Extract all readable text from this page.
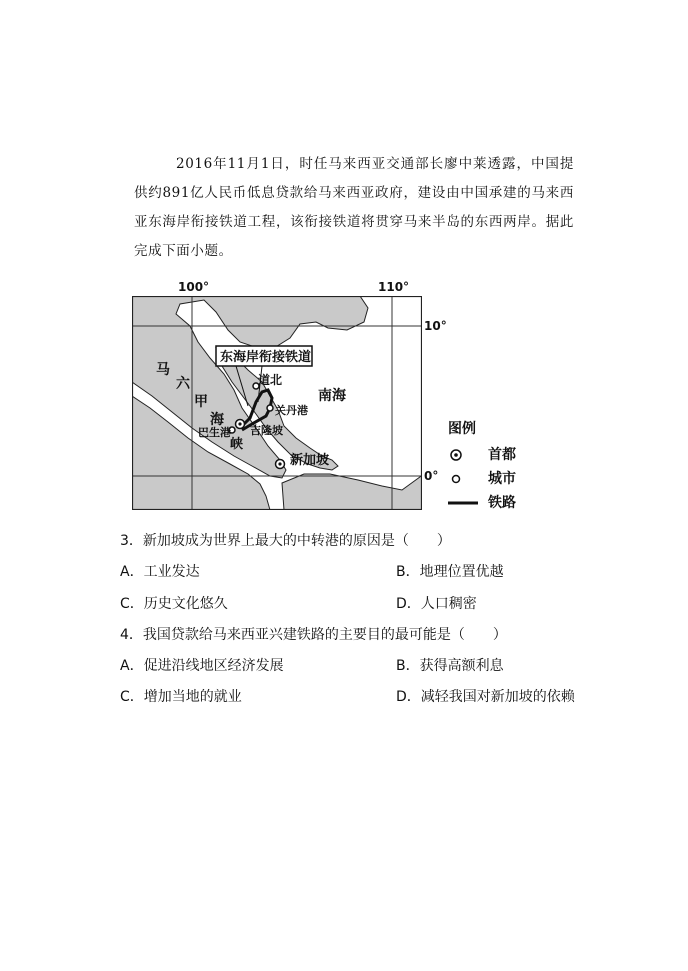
2016年11月1日，时任马来西亚交通部长廖中莱透露，中国提供约891亿人民币低息贷款给马来西亚政府，建设由中国承建的马来西亚东海岸衔接铁道工程，该衔接铁道将贯穿马来半岛的东西两岸。据此完成下面小题。

100°	110°
10°
0°
东海岸衔接铁道
道北
关丹港
吉隆坡
巴生港
新加坡
南海
马
六
甲
海
峡
图例
首都
城市
铁路
3．新加坡成为世界上最大的中转港的原因是（　　）
A．工业发达	B．地理位置优越
C．历史文化悠久	D．人口稠密
4．我国贷款给马来西亚兴建铁路的主要目的最可能是（　　）
A．促进沿线地区经济发展	B．获得高额利息
C．增加当地的就业	D．减轻我国对新加坡的依赖
